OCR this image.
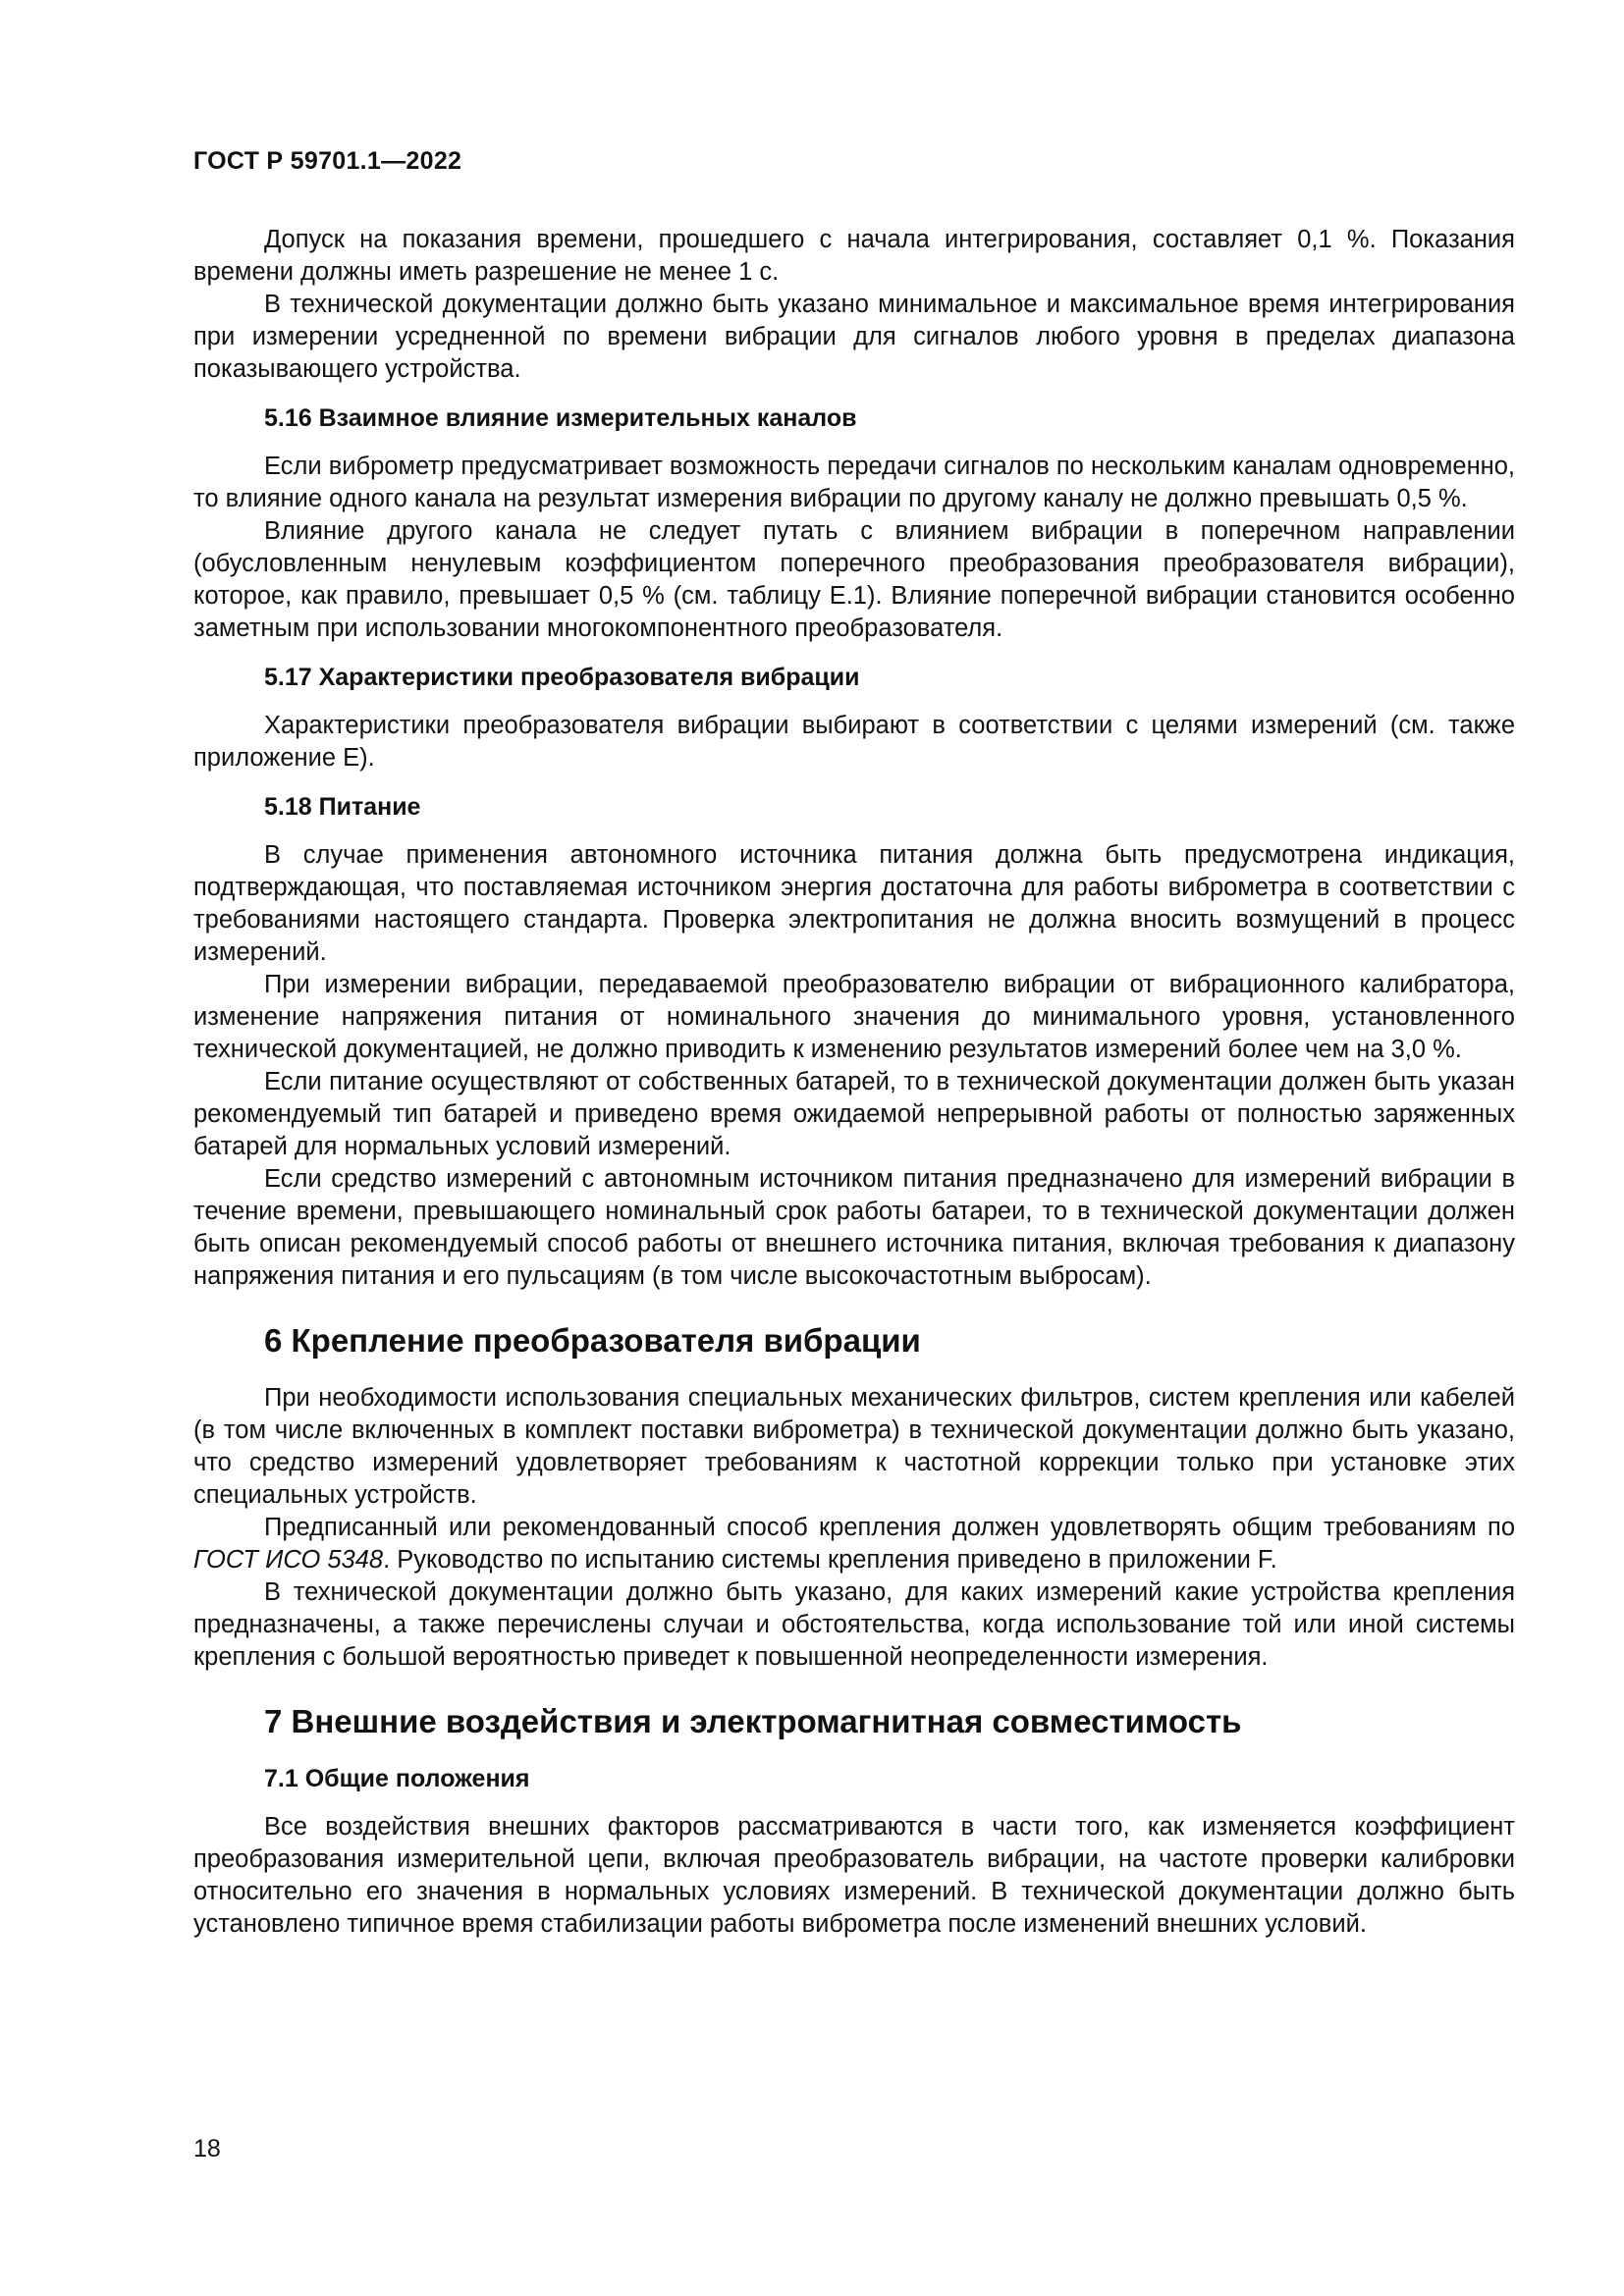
ГОСТ Р 59701.1—2022

Допуск на показания времени, прошедшего с начала интегрирования, составляет 0,1 %. Показания времени должны иметь разрешение не менее 1 с.

В технической документации должно быть указано минимальное и максимальное время интегрирования при измерении усредненной по времени вибрации для сигналов любого уровня в пределах диапазона показывающего устройства.

5.16 Взаимное влияние измерительных каналов

Если виброметр предусматривает возможность передачи сигналов по нескольким каналам одновременно, то влияние одного канала на результат измерения вибрации по другому каналу не должно превышать 0,5 %.

Влияние другого канала не следует путать с влиянием вибрации в поперечном направлении (обусловленным ненулевым коэффициентом поперечного преобразования преобразователя вибрации), которое, как правило, превышает 0,5 % (см. таблицу Е.1). Влияние поперечной вибрации становится особенно заметным при использовании многокомпонентного преобразователя.

5.17 Характеристики преобразователя вибрации

Характеристики преобразователя вибрации выбирают в соответствии с целями измерений (см. также приложение Е).

5.18 Питание

В случае применения автономного источника питания должна быть предусмотрена индикация, подтверждающая, что поставляемая источником энергия достаточна для работы виброметра в соответствии с требованиями настоящего стандарта. Проверка электропитания не должна вносить возмущений в процесс измерений.

При измерении вибрации, передаваемой преобразователю вибрации от вибрационного калибратора, изменение напряжения питания от номинального значения до минимального уровня, установленного технической документацией, не должно приводить к изменению результатов измерений более чем на 3,0 %.

Если питание осуществляют от собственных батарей, то в технической документации должен быть указан рекомендуемый тип батарей и приведено время ожидаемой непрерывной работы от полностью заряженных батарей для нормальных условий измерений.

Если средство измерений с автономным источником питания предназначено для измерений вибрации в течение времени, превышающего номинальный срок работы батареи, то в технической документации должен быть описан рекомендуемый способ работы от внешнего источника питания, включая требования к диапазону напряжения питания и его пульсациям (в том числе высокочастотным выбросам).

6 Крепление преобразователя вибрации

При необходимости использования специальных механических фильтров, систем крепления или кабелей (в том числе включенных в комплект поставки виброметра) в технической документации должно быть указано, что средство измерений удовлетворяет требованиям к частотной коррекции только при установке этих специальных устройств.

Предписанный или рекомендованный способ крепления должен удовлетворять общим требованиям по ГОСТ ИСО 5348. Руководство по испытанию системы крепления приведено в приложении F.

В технической документации должно быть указано, для каких измерений какие устройства крепления предназначены, а также перечислены случаи и обстоятельства, когда использование той или иной системы крепления с большой вероятностью приведет к повышенной неопределенности измерения.

7 Внешние воздействия и электромагнитная совместимость
7.1 Общие положения

Все воздействия внешних факторов рассматриваются в части того, как изменяется коэффициент преобразования измерительной цепи, включая преобразователь вибрации, на частоте проверки калибровки относительно его значения в нормальных условиях измерений. В технической документации должно быть установлено типичное время стабилизации работы виброметра после изменений внешних условий.

18
